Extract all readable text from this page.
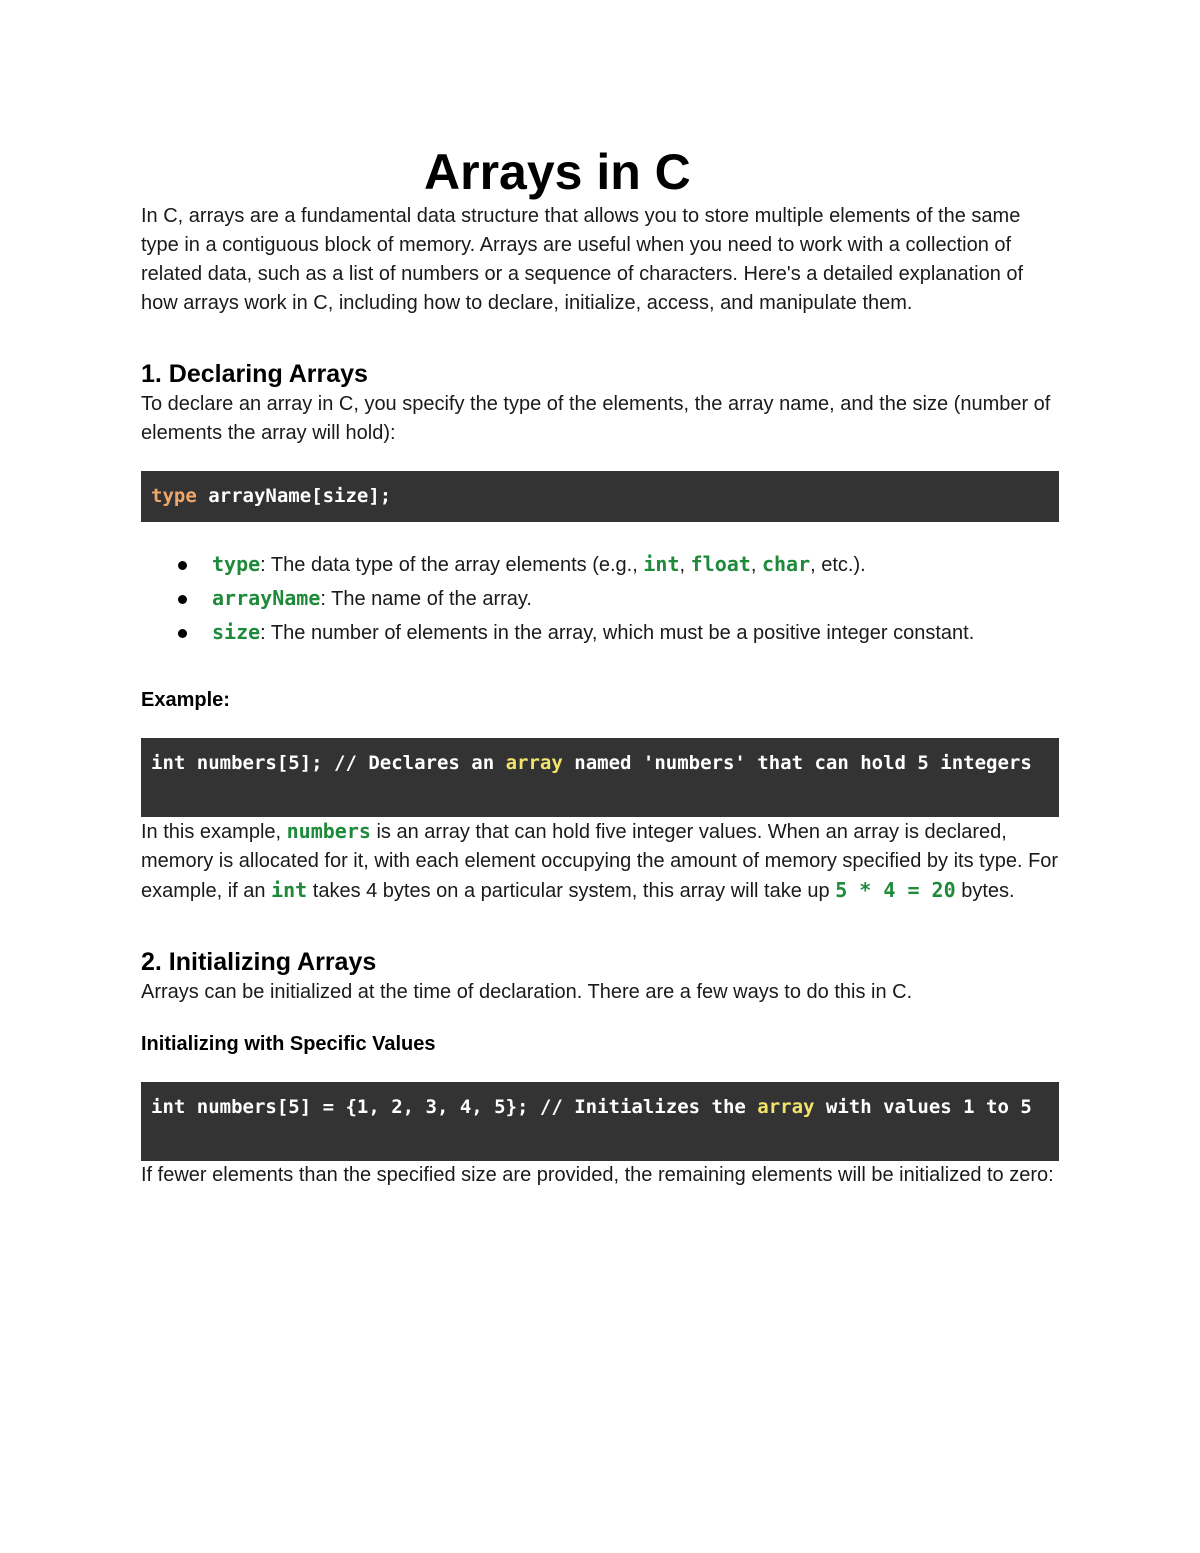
Arrays in C

In C, arrays are a fundamental data structure that allows you to store multiple elements of the same type in a contiguous block of memory. Arrays are useful when you need to work with a collection of related data, such as a list of numbers or a sequence of characters. Here's a detailed explanation of how arrays work in C, including how to declare, initialize, access, and manipulate them.

1. Declaring Arrays

To declare an array in C, you specify the type of the elements, the array name, and the size (number of elements the array will hold):

type arrayName[size];
type: The data type of the array elements (e.g., int, float, char, etc.).
arrayName: The name of the array.
size: The number of elements in the array, which must be a positive integer constant.
Example:
int numbers[5]; // Declares an array named 'numbers' that can hold 5 integers

In this example, numbers is an array that can hold five integer values. When an array is declared, memory is allocated for it, with each element occupying the amount of memory specified by its type. For example, if an int takes 4 bytes on a particular system, this array will take up 5 * 4 = 20 bytes.

2. Initializing Arrays

Arrays can be initialized at the time of declaration. There are a few ways to do this in C.

Initializing with Specific Values
int numbers[5] = {1, 2, 3, 4, 5}; // Initializes the array with values 1 to 5

If fewer elements than the specified size are provided, the remaining elements will be initialized to zero:
